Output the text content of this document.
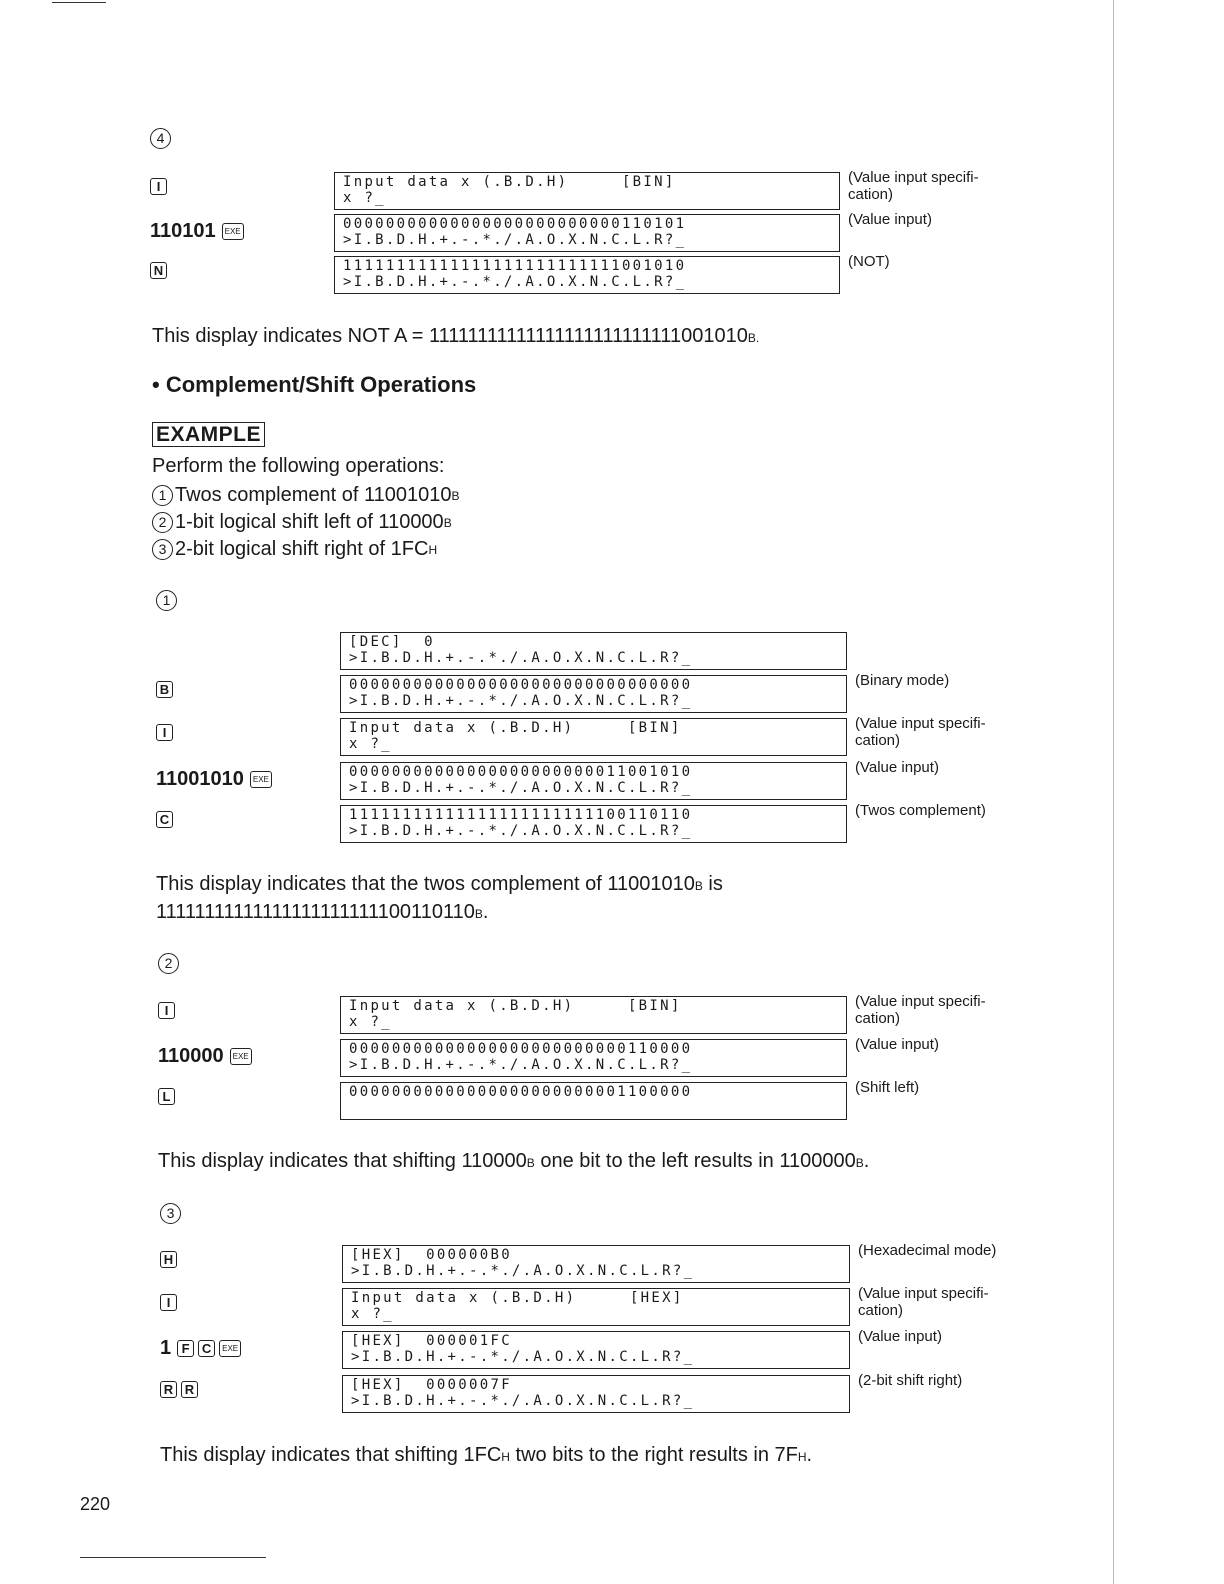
4
I	Input data x (.B.D.H)     [BIN]
x ?_
(Value input specifi-cation)
110101	EXE	00000000000000000000000000110101
>I.B.D.H.+.-.*./.A.O.X.N.C.L.R?_
(Value input)
N	11111111111111111111111111001010
>I.B.D.H.+.-.*./.A.O.X.N.C.L.R?_
(NOT)
This display indicates NOT A = 11111111111111111111111111001010B.
• Complement/Shift Operations
EXAMPLE
Perform the following operations:
1 Twos complement of 11001010 B
2 1-bit logical shift left of 110000 B
3 2-bit logical shift right of 1FC H
1
[DEC]  0
>I.B.D.H.+.-.*./.A.O.X.N.C.L.R?_
B	00000000000000000000000000000000
>I.B.D.H.+.-.*./.A.O.X.N.C.L.R?_
(Binary mode)
I	Input data x (.B.D.H)     [BIN]
x ?_
(Value input specifi-cation)
11001010	EXE	00000000000000000000000011001010
>I.B.D.H.+.-.*./.A.O.X.N.C.L.R?_
(Value input)
C	11111111111111111111111100110110
>I.B.D.H.+.-.*./.A.O.X.N.C.L.R?_
(Twos complement)
This display indicates that the twos complement of 11001010B is
11111111111111111111111100110110B.
2
I	Input data x (.B.D.H)     [BIN]
x ?_
(Value input specifi-cation)
110000	EXE	00000000000000000000000000110000
>I.B.D.H.+.-.*./.A.O.X.N.C.L.R?_
(Value input)
L	00000000000000000000000001100000	(Shift left)
This display indicates that shifting 110000B one bit to the left results in 1100000B.
3
H	[HEX]  000000B0
>I.B.D.H.+.-.*./.A.O.X.N.C.L.R?_
(Hexadecimal mode)
I	Input data x (.B.D.H)     [HEX]
x ?_
(Value input specifi-cation)
1 F C	EXE	[HEX]  000001FC
>I.B.D.H.+.-.*./.A.O.X.N.C.L.R?_
(Value input)
R R	[HEX]  0000007F
>I.B.D.H.+.-.*./.A.O.X.N.C.L.R?_
(2-bit shift right)
This display indicates that shifting 1FCH two bits to the right results in 7FH.
220
